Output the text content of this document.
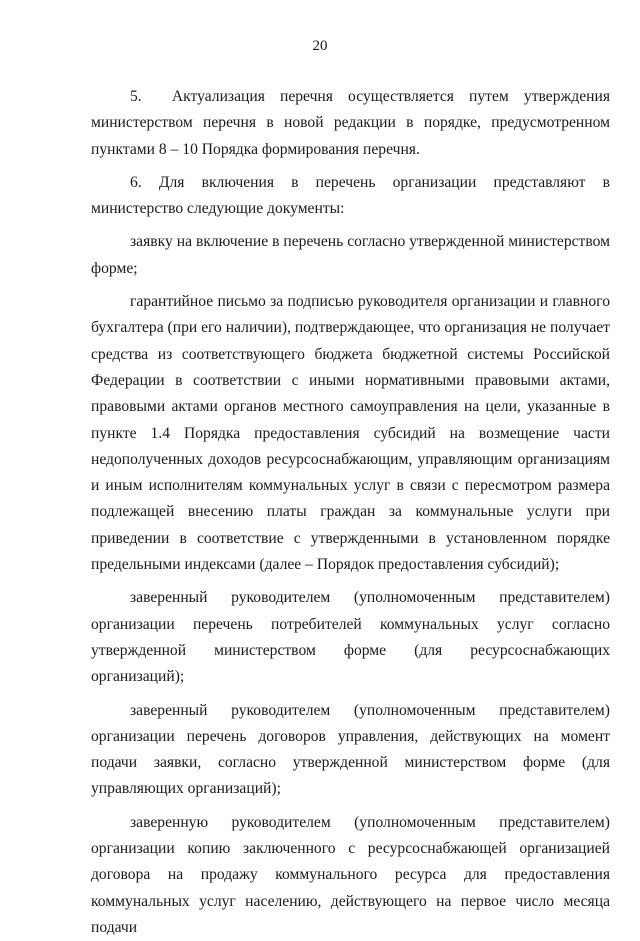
20

5.  Актуализация перечня осуществляется путем утверждения министерством перечня в новой редакции в порядке, предусмотренном пунктами 8 – 10 Порядка формирования перечня.

6. Для включения в перечень организации представляют в министерство следующие документы:

заявку на включение в перечень согласно утвержденной министерством форме;

гарантийное письмо за подписью руководителя организации и главного бухгалтера (при его наличии), подтверждающее, что организация не получает средства из соответствующего бюджета бюджетной системы Российской Федерации в соответствии с иными нормативными правовыми актами, правовыми актами органов местного самоуправления на цели, указанные в пункте 1.4 Порядка предоставления субсидий на возмещение части недополученных доходов ресурсоснабжающим, управляющим организациям и иным исполнителям коммунальных услуг в связи с пересмотром размера подлежащей внесению платы граждан за коммунальные услуги при приведении в соответствие с утвержденными в установленном порядке предельными индексами (далее – Порядок предоставления субсидий);

заверенный руководителем (уполномоченным представителем) организации перечень потребителей коммунальных услуг согласно утвержденной министерством форме (для ресурсоснабжающих организаций);

заверенный руководителем (уполномоченным представителем) организации перечень договоров управления, действующих на момент подачи заявки, согласно утвержденной министерством форме (для управляющих организаций);

заверенную руководителем (уполномоченным представителем) организации копию заключенного с ресурсоснабжающей организацией договора на продажу коммунального ресурса для предоставления коммунальных услуг населению, действующего на первое число месяца подачи
